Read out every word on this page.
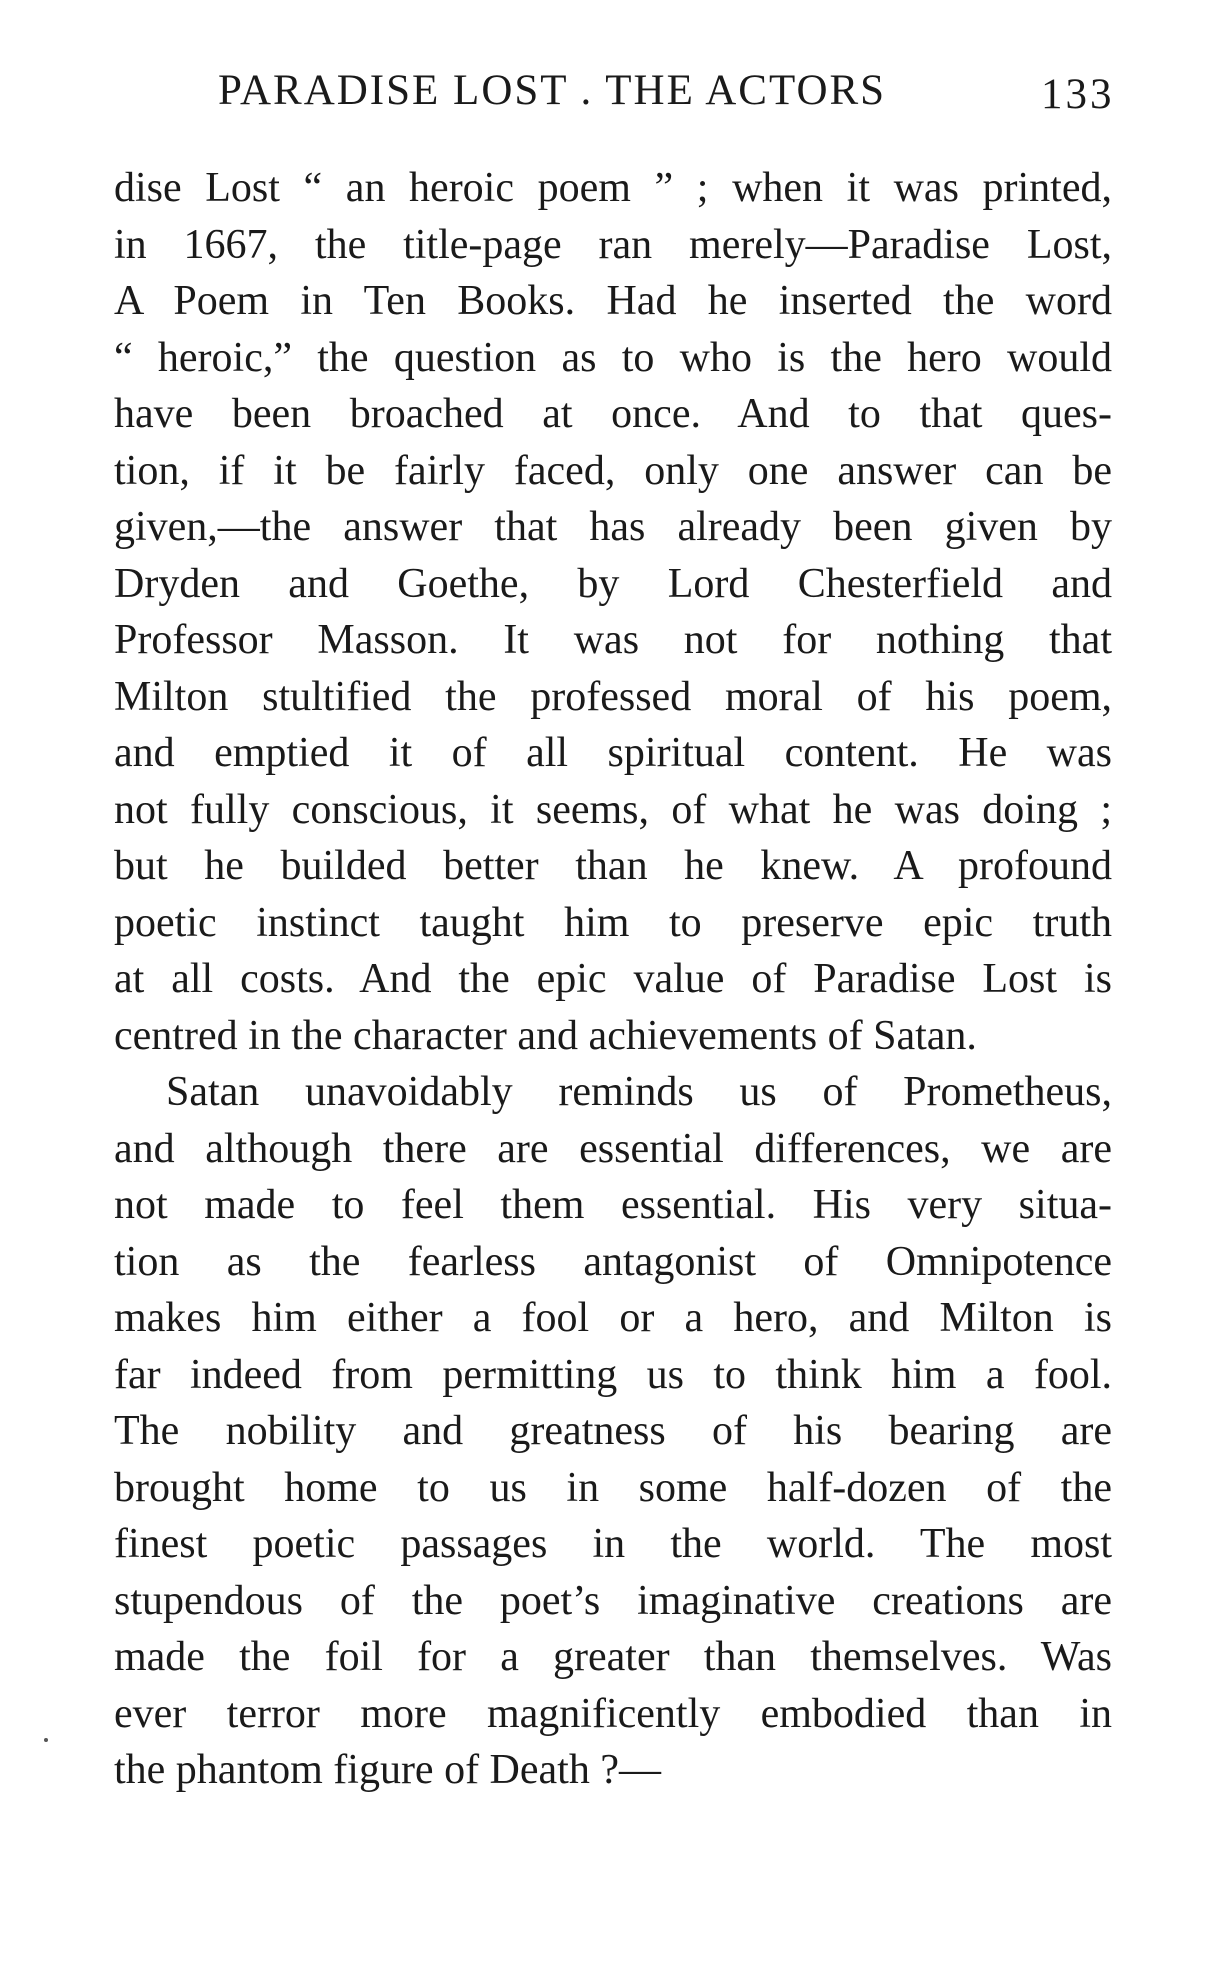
PARADISE LOST . THE ACTORS	133
dise Lost “ an heroic poem ” ; when it was printed,
in 1667, the title-page ran merely—Paradise Lost,
A Poem in Ten Books. Had he inserted the word
“ heroic,” the question as to who is the hero would
have been broached at once. And to that ques-
tion, if it be fairly faced, only one answer can be
given,—the answer that has already been given by
Dryden and Goethe, by Lord Chesterfield and
Professor Masson. It was not for nothing that
Milton stultified the professed moral of his poem,
and emptied it of all spiritual content. He was
not fully conscious, it seems, of what he was doing ;
but he builded better than he knew. A profound
poetic instinct taught him to preserve epic truth
at all costs. And the epic value of Paradise Lost is
centred in the character and achievements of Satan.
Satan unavoidably reminds us of Prometheus,
and although there are essential differences, we are
not made to feel them essential. His very situa-
tion as the fearless antagonist of Omnipotence
makes him either a fool or a hero, and Milton is
far indeed from permitting us to think him a fool.
The nobility and greatness of his bearing are
brought home to us in some half-dozen of the
finest poetic passages in the world. The most
stupendous of the poet’s imaginative creations are
made the foil for a greater than themselves. Was
ever terror more magnificently embodied than in
the phantom figure of Death ?—
